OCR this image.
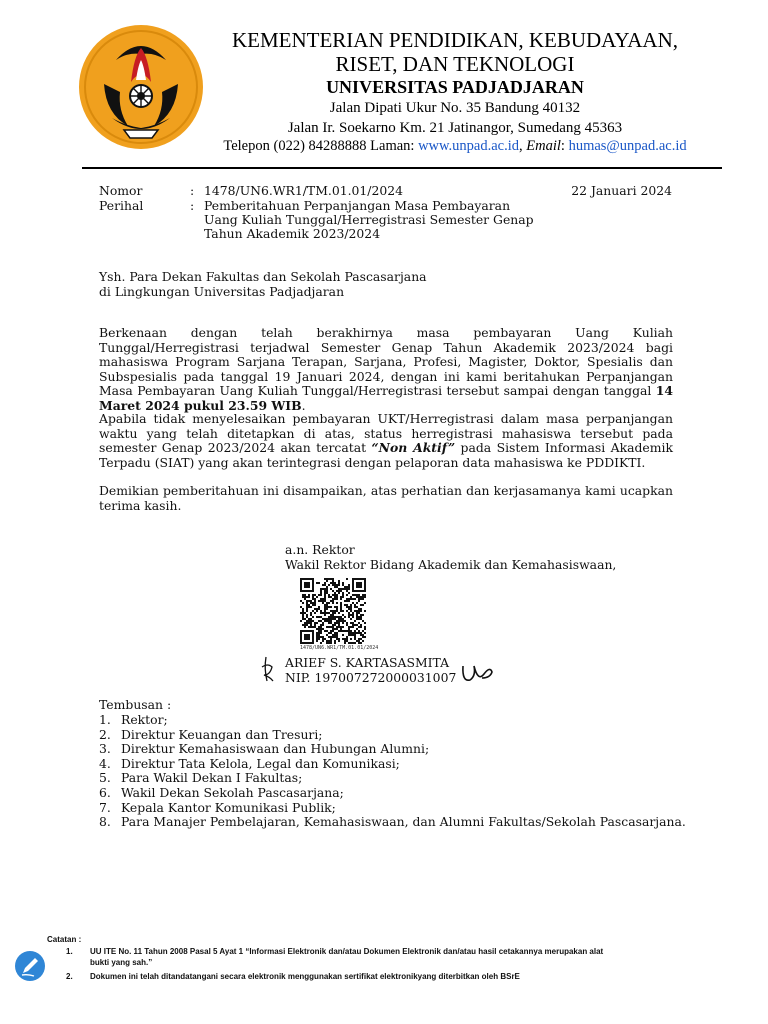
KEMENTERIAN PENDIDIKAN, KEBUDAYAAN,
RISET, DAN TEKNOLOGI
UNIVERSITAS PADJADJARAN
Jalan Dipati Ukur No. 35 Bandung 40132
Jalan Ir. Soekarno Km. 21 Jatinangor, Sumedang 45363
Telepon (022) 84288888 Laman: www.unpad.ac.id, Email: humas@unpad.ac.id
Nomor	: 1478/UN6.WR1/TM.01.01/2024	22 Januari 2024
Perihal	: Pemberitahuan Perpanjangan Masa Pembayaran
Uang Kuliah Tunggal/Herregistrasi Semester Genap
Tahun Akademik 2023/2024
Ysh. Para Dekan Fakultas dan Sekolah Pascasarjana
di Lingkungan Universitas Padjadjaran
Berkenaan dengan telah berakhirnya masa pembayaran Uang Kuliah Tunggal/Herregistrasi terjadwal Semester Genap Tahun Akademik 2023/2024 bagi mahasiswa Program Sarjana Terapan, Sarjana, Profesi, Magister, Doktor, Spesialis dan Subspesialis pada tanggal 19 Januari 2024, dengan ini kami beritahukan Perpanjangan Masa Pembayaran Uang Kuliah Tunggal/Herregistrasi tersebut sampai dengan tanggal 14 Maret 2024 pukul 23.59 WIB.
Apabila tidak menyelesaikan pembayaran UKT/Herregistrasi dalam masa perpanjangan waktu yang telah ditetapkan di atas, status herregistrasi mahasiswa tersebut pada semester Genap 2023/2024 akan tercatat “Non Aktif” pada Sistem Informasi Akademik Terpadu (SIAT) yang akan terintegrasi dengan pelaporan data mahasiswa ke PDDIKTI.
Demikian pemberitahuan ini disampaikan, atas perhatian dan kerjasamanya kami ucapkan terima kasih.
a.n. Rektor
Wakil Rektor Bidang Akademik dan Kemahasiswaan,
1478/UN6.WR1/TM.01.01/2024
ARIEF S. KARTASASMITA
NIP. 197007272000031007
Tembusan :
1. Rektor;
2. Direktur Keuangan dan Tresuri;
3. Direktur Kemahasiswaan dan Hubungan Alumni;
4. Direktur Tata Kelola, Legal dan Komunikasi;
5. Para Wakil Dekan I Fakultas;
6. Wakil Dekan Sekolah Pascasarjana;
7. Kepala Kantor Komunikasi Publik;
8. Para Manajer Pembelajaran, Kemahasiswaan, dan Alumni Fakultas/Sekolah Pascasarjana.
Catatan :
1. UU ITE No. 11 Tahun 2008 Pasal 5 Ayat 1 “Informasi Elektronik dan/atau Dokumen Elektronik dan/atau hasil cetakannya merupakan alat
bukti yang sah.”
2. Dokumen ini telah ditandatangani secara elektronik menggunakan sertifikat elektronikyang diterbitkan oleh BSrE
